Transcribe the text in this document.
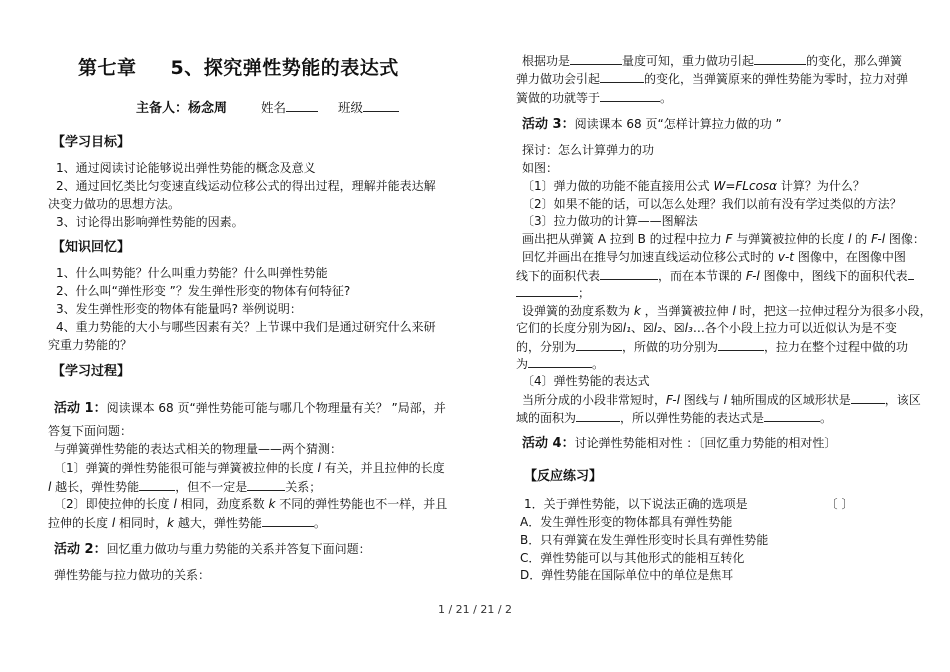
第七章 5、探究弹性势能的表达式
主备人：杨念周	姓名	班级
【学习目标】
1、通过阅读讨论能够说出弹性势能的概念及意义
2、通过回忆类比匀变速直线运动位移公式的得出过程，理解并能表达解
决变力做功的思想方法。
3、讨论得出影响弹性势能的因素。
【知识回忆】
1、什么叫势能？什么叫重力势能？什么叫弹性势能
2、什么叫“弹性形变 ”？发生弹性形变的物体有何特征?
3、发生弹性形变的物体有能量吗? 举例说明：
4、重力势能的大小与哪些因素有关？上节课中我们是通过研究什么来研
究重力势能的？
【学习过程】
活动 1：阅读课本 68 页“弹性势能可能与哪几个物理量有关？ ”局部，并
答复下面问题：
与弹簧弹性势能的表达式相关的物理量——两个猜测：
〔1〕弹簧的弹性势能很可能与弹簧被拉伸的长度 l 有关，并且拉伸的长度
l 越长，弹性势能	，但不一定是	关系；
〔2〕即使拉伸的长度 l 相同，劲度系数 k 不同的弹性势能也不一样，并且
拉伸的长度 l 相同时，k 越大，弹性势能	。
活动 2：回忆重力做功与重力势能的关系并答复下面问题：
弹性势能与拉力做功的关系：
根据功是	量度可知，重力做功引起	的变化，那么弹簧
弹力做功会引起	的变化，当弹簧原来的弹性势能为零时，拉力对弹
簧做的功就等于	。
活动 3：阅读课本 68 页“怎样计算拉力做的功 ”
探讨：怎么计算弹力的功
如图：
〔1〕弹力做的功能不能直接用公式 W=FLcosα 计算？为什么？
〔2〕如果不能的话，可以怎么处理？我们以前有没有学过类似的方法？
〔3〕拉力做功的计算——图解法
画出把从弹簧 A 拉到 B 的过程中拉力 F 与弹簧被拉伸的长度 l 的 F-l 图像：
回忆并画出在推导匀加速直线运动位移公式时的 v-t 图像中，在图像中图
线下的面积代表	，而在本节课的 F-l 图像中，图线下的面积代表
；
设弹簧的劲度系数为 k ，当弹簧被拉伸 l 时，把这一拉伸过程分为很多小段，
它们的长度分别为☒l₁、☒l₂、☒l₃…各个小段上拉力可以近似认为是不变
的，分别为	，所做的功分别为	，拉力在整个过程中做的功
为	。
〔4〕弹性势能的表达式
当所分成的小段非常短时，F-l 图线与 l 轴所围成的区域形状是	，该区
域的面积为	，所以弹性势能的表达式是	。
活动 4：讨论弹性势能相对性 ：〔回忆重力势能的相对性〕
【反应练习】
1．关于弹性势能，以下说法正确的选项是	〔 〕
A．发生弹性形变的物体都具有弹性势能
B．只有弹簧在发生弹性形变时长具有弹性势能
C．弹性势能可以与其他形式的能相互转化
D．弹性势能在国际单位中的单位是焦耳
1 / 21 / 21 / 2
